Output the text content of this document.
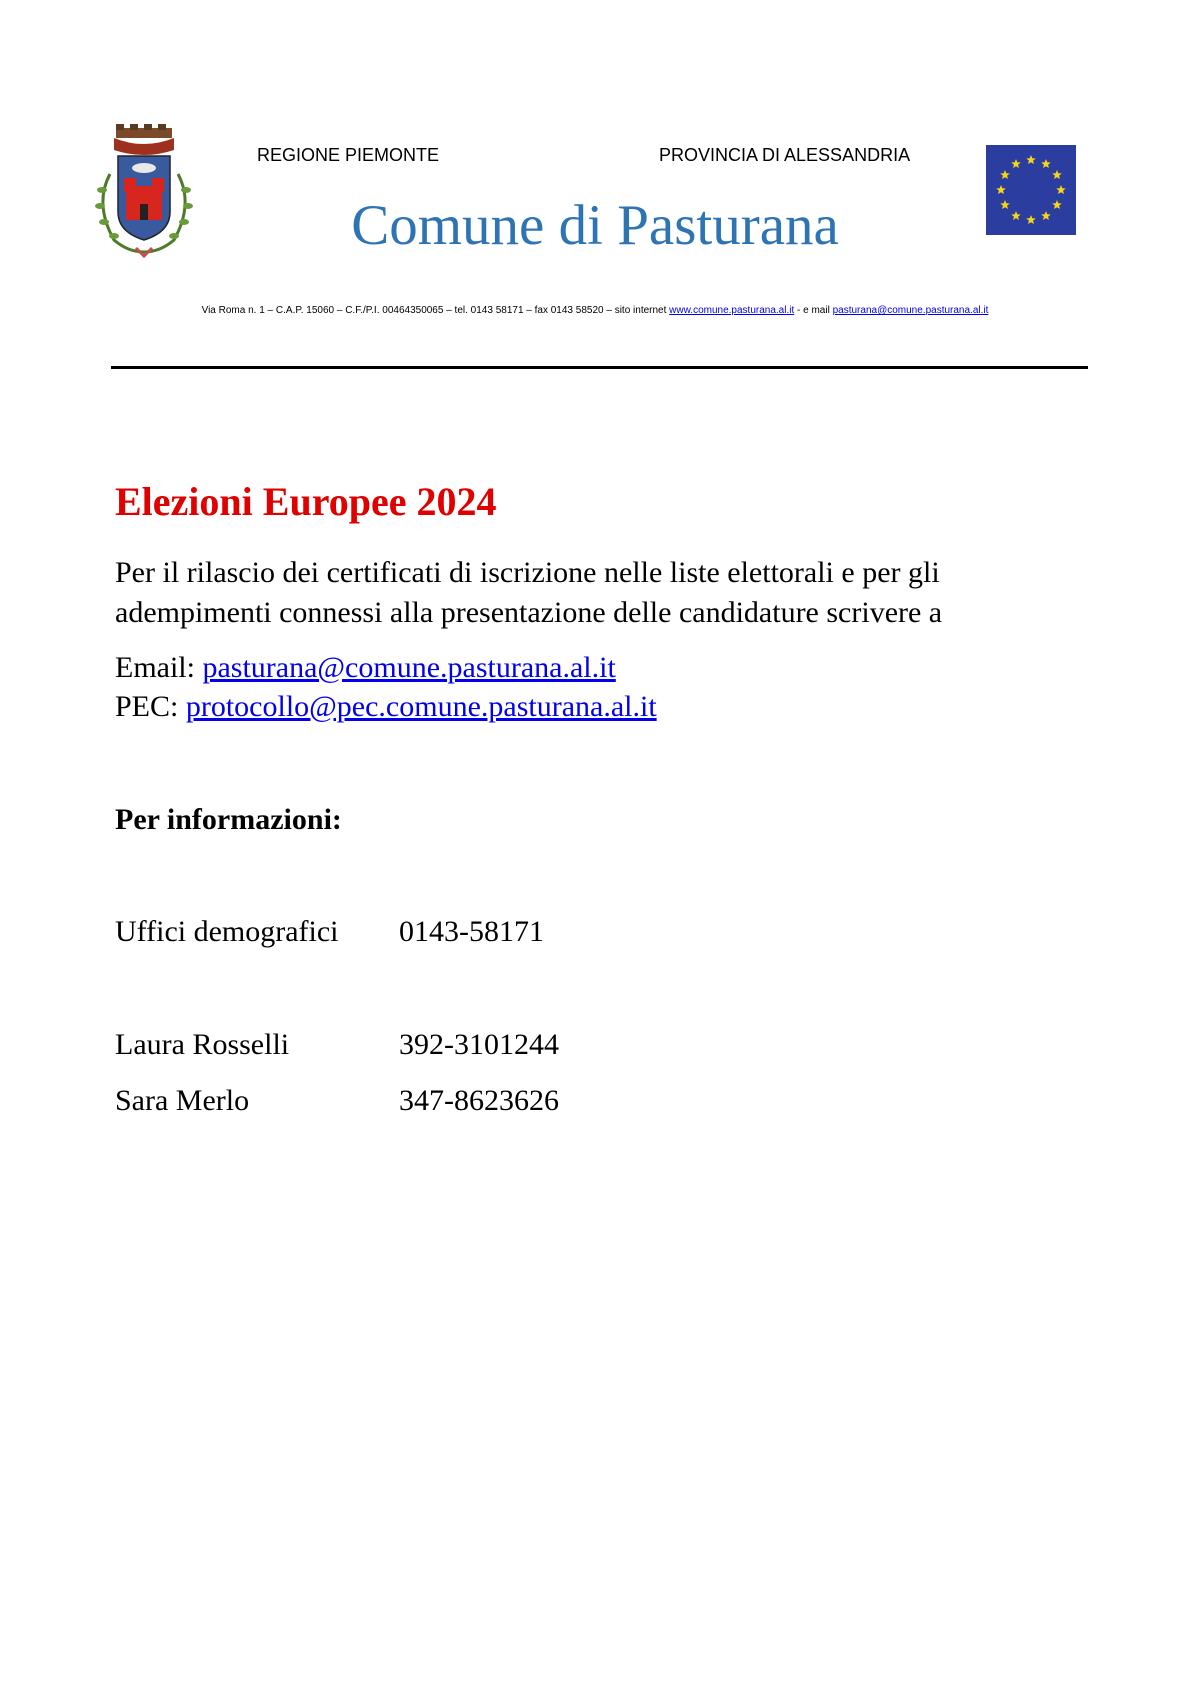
REGIONE PIEMONTE	PROVINCIA DI ALESSANDRIA
Comune di Pasturana
Via Roma n. 1 – C.A.P. 15060 – C.F./P.I. 00464350065 – tel. 0143 58171 – fax 0143 58520 – sito internet www.comune.pasturana.al.it - e mail pasturana@comune.pasturana.al.it
Elezioni Europee 2024
Per il rilascio dei certificati di iscrizione nelle liste elettorali e per gli adempimenti connessi alla presentazione delle candidature scrivere a
Email: pasturana@comune.pasturana.al.it
PEC: protocollo@pec.comune.pasturana.al.it
Per informazioni:
Uffici demografici 0143-58171
Laura Rosselli	392-3101244
Sara Merlo	347-8623626
